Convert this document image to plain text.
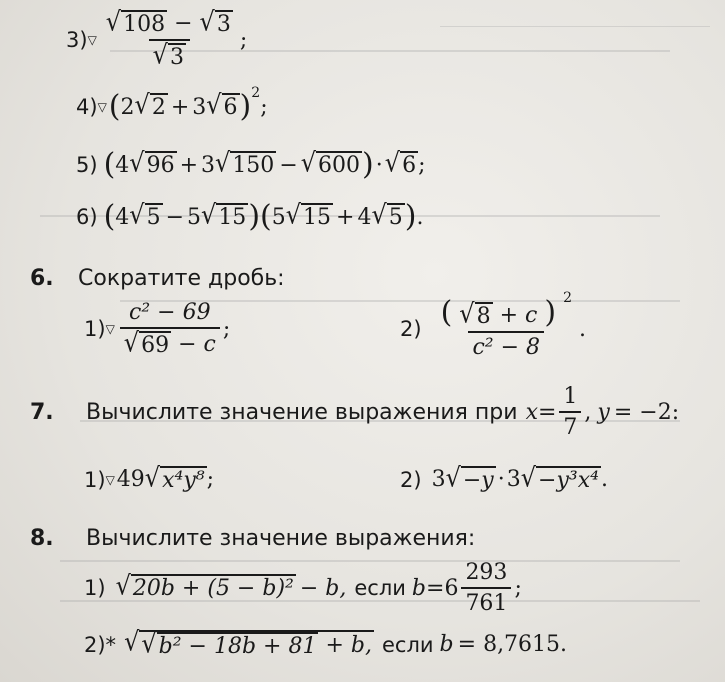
3) ▽ $\frac{√ 108 - √ 3}{√ 3}$ ;
4) ▽ ( 2 √ 2 + 3 √ 6 ) 2
;
5) ( 4 √ 96 + 3 √ 150 − √ 600 ) · √ 6 ;
6) ( 4 √ 5 − 5 √ 15 )( 5 √ 15 + 4 √ 5 ) .
6.	Сократите дробь:
1) ▽ $\frac{\text{c² − 69}}{√ 69 - c}$ ;	$2) \frac{( √ 8 + c ) ^2}{\text{c² − 8}}$ .
7.	Вычислите значение выражения при $x = \frac{1}{7}$ , y = −2:
1) ▽ 49 √ x⁴y⁸ ;	2) 3 √ −y · 3 √ −y³x⁴ .
8.	Вычислите значение выражения:
1) √ 20b + (5 − b)² − b, если $b = 6 \frac{293}{761}$ ;
2)* √ √ b² − 18b + 81 + b, если b = 8,7615.
